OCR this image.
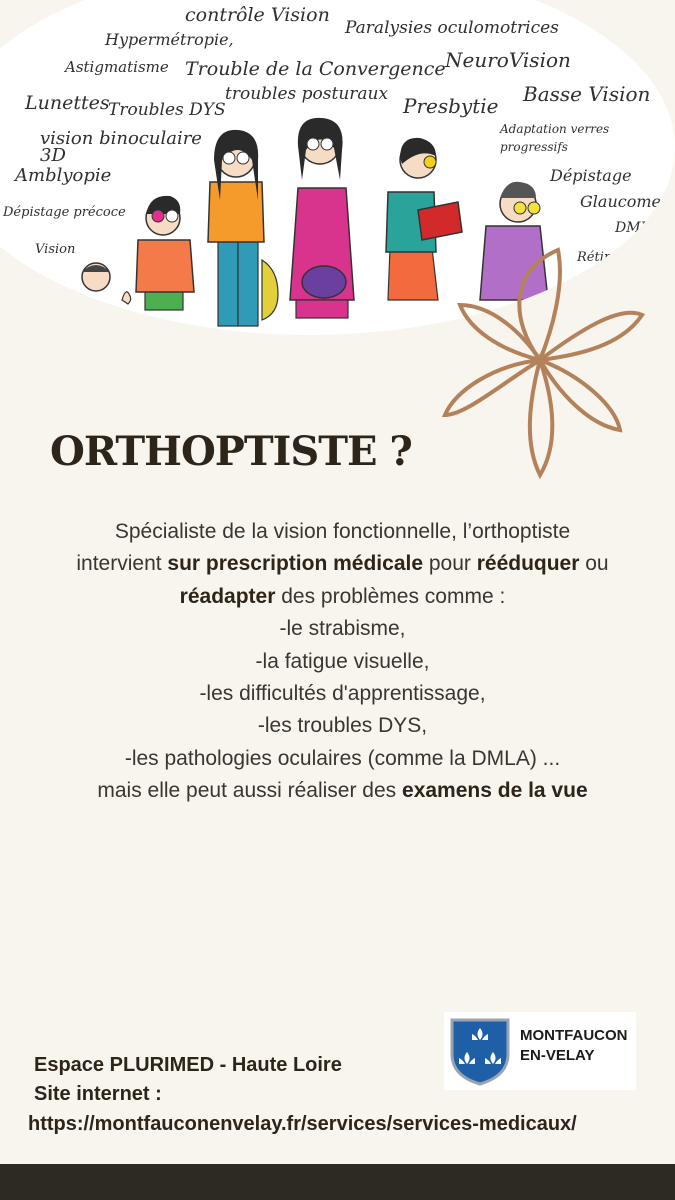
contrôle Vision
Hypermétropie,
Paralysies oculomotrices
Astigmatisme Trouble de la Convergence NeuroVision
Lunettes
Troubles DYS
troubles posturaux Presbytie Basse Vision
vision binoculaire 3D
Adaptation verres progressifs
Amblyopie	Dépistage
Glaucome
Dépistage précoce
DMLA
Vision
Rétine
ORTHOPTISTE ?
Spécialiste de la vision fonctionnelle, l’orthoptiste
intervient sur prescription médicale pour rééduquer ou
réadapter des problèmes comme :
-le strabisme,
-la fatigue visuelle,
-les difficultés d'apprentissage,
-les troubles DYS,
-les pathologies oculaires (comme la DMLA) ...
mais elle peut aussi réaliser des examens de la vue
Espace PLURIMED - Haute Loire
Site internet :
https://montfauconenvelay.fr/services/services-medicaux/
MONTFAUCON
EN-VELAY
